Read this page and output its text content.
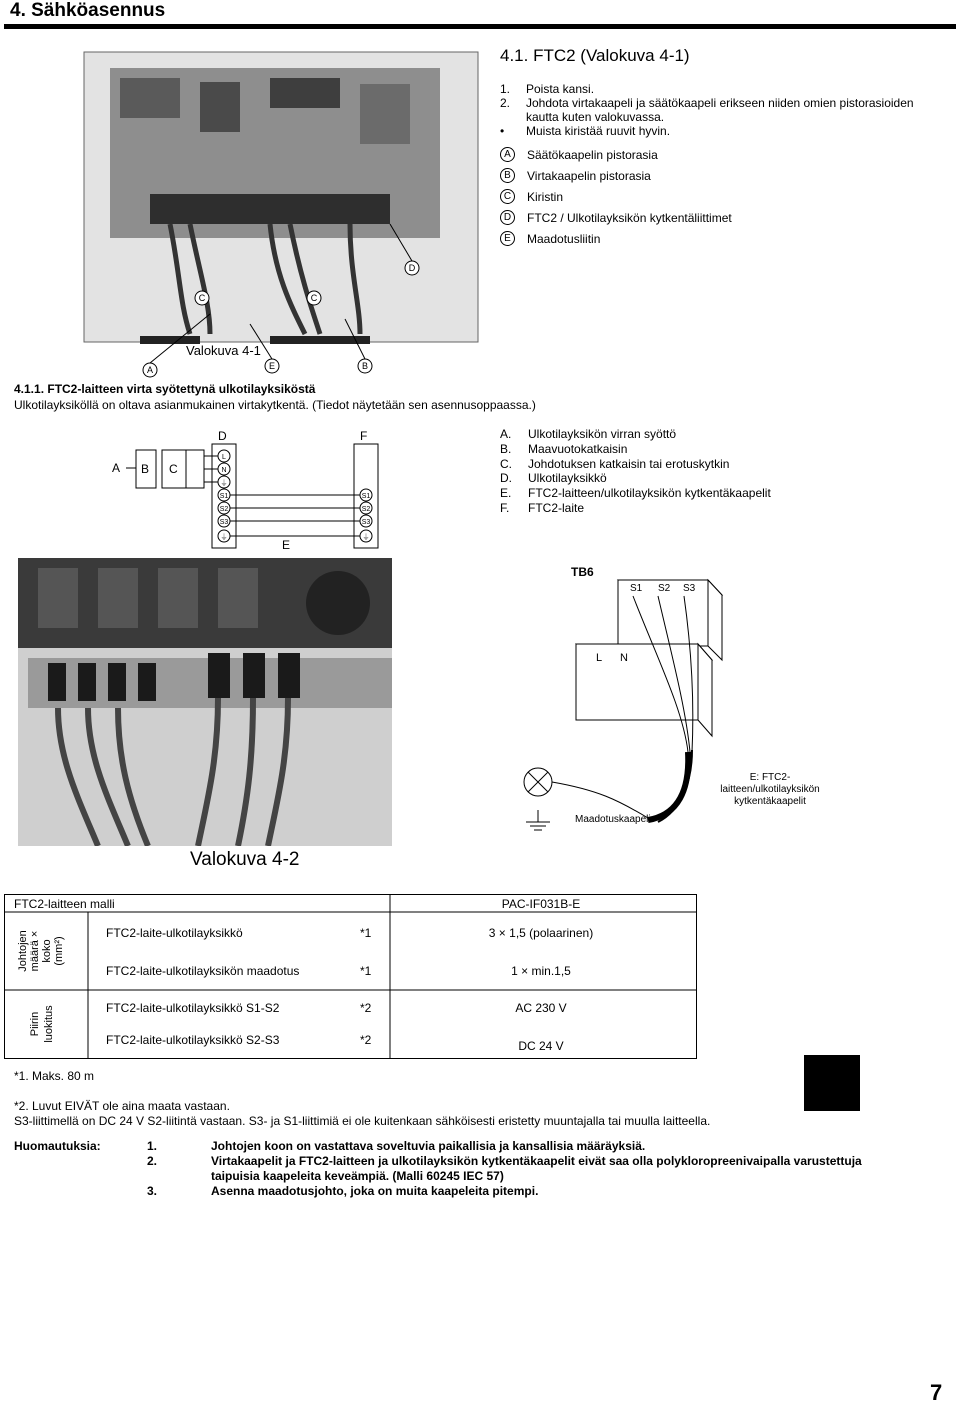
4. Sähköasennus
4.1. FTC2 (Valokuva 4-1)
1.	Poista kansi.
2.	Johdota virtakaapeli ja säätökaapeli erikseen niiden omien pistorasioiden
kautta kuten valokuvassa.
•	Muista kiristää ruuvit hyvin.
A	Säätökaapelin pistorasia
B	Virtakaapelin pistorasia
C	Kiristin
D	FTC2 / Ulkotilayksikön kytkentäliittimet
E	Maadotusliitin
C	C
D
A	E	B
Valokuva 4-1
4.1.1. FTC2-laitteen virta syötettynä ulkotilayksiköstä
Ulkotilayksiköllä on oltava asianmukainen virtakytkentä. (Tiedot näytetään sen asennusoppaassa.)
A B C
D	F
L
N
⏚
S1
S2
S3
⏚
S1
S2
S3
⏚
E
A.	Ulkotilayksikön virran syöttö
B.	Maavuotokatkaisin
C.	Johdotuksen katkaisin tai erotuskytkin
D.	Ulkotilayksikkö
E.	FTC2-laitteen/ulkotilayksikön kytkentäkaapelit
F.	FTC2-laite
TB6
S1 S2 S3
L N
Maadotuskaapeli
E: FTC2-
laitteen/ulkotilayksikön
kytkentäkaapelit
Valokuva 4-2
FTC2-laitteen malli	PAC-IF031B-E
Johtojenmäärä ×koko(mm²)
Piirin luokitus
FTC2-laite-ulkotilayksikkö	*1	3 × 1,5 (polaarinen)
FTC2-laite-ulkotilayksikön maadotus	*1	1 × min.1,5
FTC2-laite-ulkotilayksikkö S1-S2	*2	AC 230 V
FTC2-laite-ulkotilayksikkö S2-S3	*2	DC 24 V
*1. Maks. 80 m
*2. Luvut EIVÄT ole aina maata vastaan.
S3-liittimellä on DC 24 V S2-liitintä vastaan. S3- ja S1-liittimiä ei ole kuitenkaan sähköisesti eristetty muuntajalla tai muulla laitteella.
Huomautuksia:	1.	Johtojen koon on vastattava soveltuvia paikallisia ja kansallisia määräyksiä.
2.	Virtakaapelit ja FTC2-laitteen ja ulkotilayksikön kytkentäkaapelit eivät saa olla polykloropreenivaipalla varustettuja
taipuisia kaapeleita keveämpiä. (Malli 60245 IEC 57)
3.	Asenna maadotusjohto, joka on muita kaapeleita pitempi.
7
